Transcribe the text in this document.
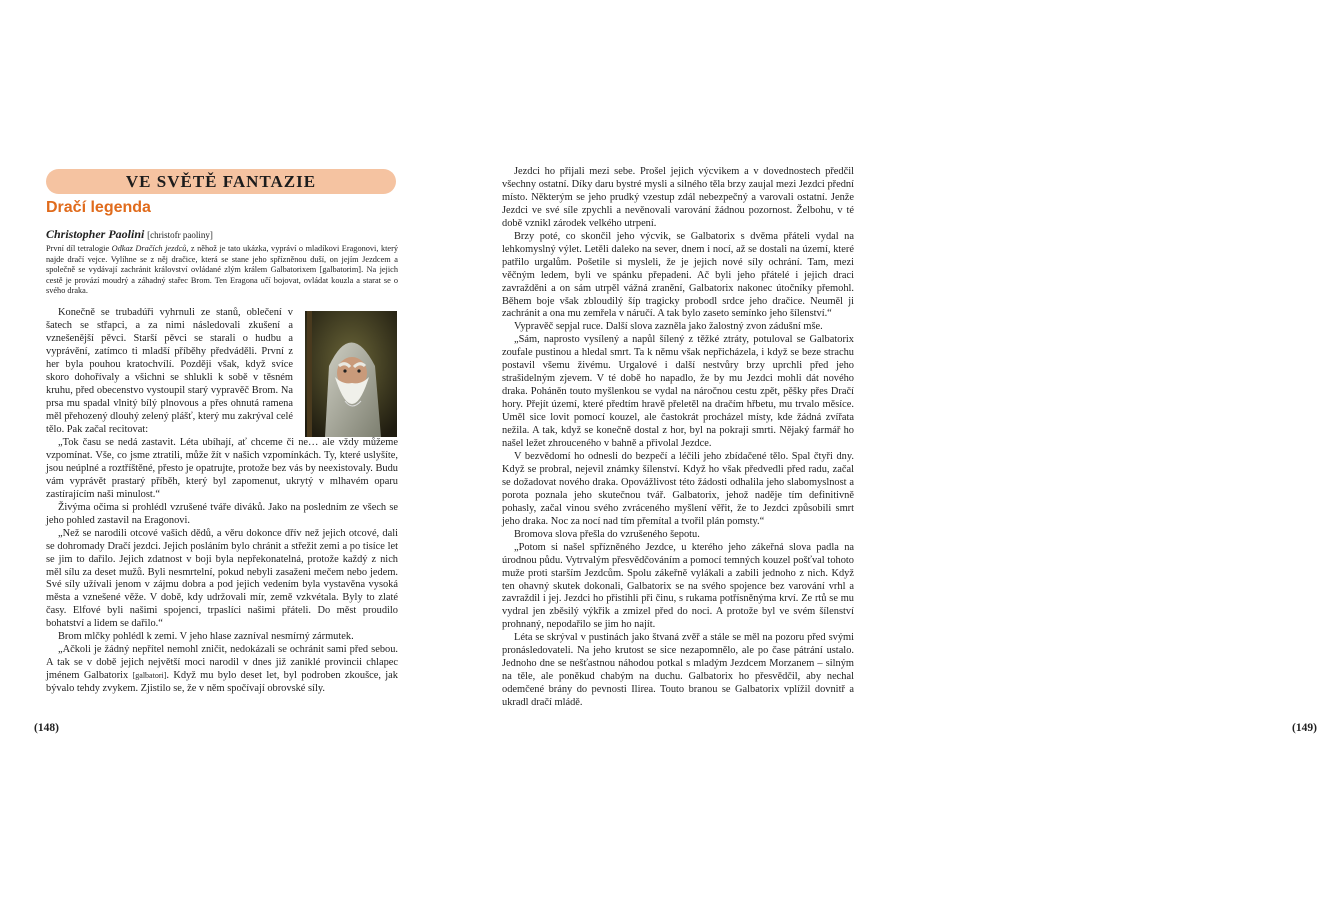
VE SVĚTĚ FANTAZIE
Dračí legenda
Christopher Paolini [christofr paoliny]
První díl tetralogie Odkaz Dračích jezdců, z něhož je tato ukázka, vypráví o mladíkovi Eragonovi, který najde dračí vejce. Vylíhne se z něj dračice, která se stane jeho spřízněnou duší, on jejím Jezdcem a společně se vydávají zachránit království ovládané zlým králem Galbatorixem [galbatorim]. Na jejich cestě je provází moudrý a záhadný stařec Brom. Ten Eragona učí bojovat, ovládat kouzla a starat se o svého draka.

Konečně se trubadúři vyhrnuli ze stanů, oblečení v šatech se střapci, a za nimi následovali zkušení a vznešenější pěvci. Starší pěvci se starali o hudbu a vyprávění, zatímco ti mladší příběhy předváděli. První z her byla pouhou kratochvílí. Později však, když svíce skoro dohořívaly a všichni se shlukli k sobě v těsném kruhu, před obecenstvo vystoupil starý vypravěč Brom. Na prsa mu spadal vlnitý bílý plnovous a přes ohnutá ramena měl přehozený dlouhý zelený plášť, který mu zakrýval celé tělo. Pak začal recitovat:

„Tok času se nedá zastavit. Léta ubíhají, ať chceme či ne… ale vždy můžeme vzpomínat. Vše, co jsme ztratili, může žít v našich vzpomínkách. Ty, které uslyšíte, jsou neúplné a roztříštěné, přesto je opatrujte, protože bez vás by neexistovaly. Budu vám vyprávět prastarý příběh, který byl zapomenut, ukrytý v mlhavém oparu zastírajícím naši minulost.“

Živýma očima si prohlédl vzrušené tváře diváků. Jako na posledním ze všech se jeho pohled zastavil na Eragonovi.

„Než se narodili otcové vašich dědů, a věru dokonce dřív než jejich otcové, dali se dohromady Dračí jezdci. Jejich posláním bylo chránit a střežit zemi a po tisíce let se jim to dařilo. Jejich zdatnost v boji byla nepřekonatelná, protože každý z nich měl sílu za deset mužů. Byli nesmrtelní, pokud nebyli zasaženi mečem nebo jedem. Své síly užívali jenom v zájmu dobra a pod jejich vedením byla vystavěna vysoká města a vznešené věže. V době, kdy udržovali mír, země vzkvétala. Byly to zlaté časy. Elfové byli našimi spojenci, trpaslíci našimi přáteli. Do měst proudilo bohatství a lidem se dařilo.“

Brom mlčky pohlédl k zemi. V jeho hlase zazníval nesmírný zármutek.

„Ačkoli je žádný nepřítel nemohl zničit, nedokázali se ochránit sami před sebou. A tak se v době jejich největší moci narodil v dnes již zaniklé provincii chlapec jménem Galbatorix [galbatori]. Když mu bylo deset let, byl podroben zkoušce, jak bývalo tehdy zvykem. Zjistilo se, že v něm spočívají obrovské síly.

(148)	(149)

Jezdci ho přijali mezi sebe. Prošel jejich výcvikem a v dovednostech předčil všechny ostatní. Díky daru bystré mysli a silného těla brzy zaujal mezi Jezdci přední místo. Některým se jeho prudký vzestup zdál nebezpečný a varovali ostatní. Jenže Jezdci ve své síle zpychli a nevěnovali varování žádnou pozornost. Želbohu, v té době vznikl zárodek velkého utrpení.

Brzy poté, co skončil jeho výcvik, se Galbatorix s dvěma přáteli vydal na lehkomyslný výlet. Letěli daleko na sever, dnem i nocí, až se dostali na území, které patřilo urgalům. Pošetile si mysleli, že je jejich nové síly ochrání. Tam, mezi věčným ledem, byli ve spánku přepadeni. Ač byli jeho přátelé i jejich draci zavražděni a on sám utrpěl vážná zranění, Galbatorix nakonec útočníky přemohl. Během boje však zbloudilý šíp tragicky probodl srdce jeho dračice. Neuměl ji zachránit a ona mu zemřela v náručí. A tak bylo zaseto semínko jeho šílenství.“

Vypravěč sepjal ruce. Další slova zazněla jako žalostný zvon zádušní mše.

„Sám, naprosto vysílený a napůl šílený z těžké ztráty, potuloval se Galbatorix zoufale pustinou a hledal smrt. Ta k němu však nepřicházela, i když se beze strachu postavil všemu živému. Urgalové i další nestvůry brzy uprchli před jeho strašidelným zjevem. V té době ho napadlo, že by mu Jezdci mohli dát nového draka. Poháněn touto myšlenkou se vydal na náročnou cestu zpět, pěšky přes Dračí hory. Přejít území, které předtím hravě přeletěl na dračím hřbetu, mu trvalo měsíce. Uměl sice lovit pomocí kouzel, ale častokrát procházel místy, kde žádná zvířata nežila. A tak, když se konečně dostal z hor, byl na pokraji smrti. Nějaký farmář ho našel ležet zhrouceného v bahně a přivolal Jezdce.

V bezvědomí ho odnesli do bezpečí a léčili jeho zbídačené tělo. Spal čtyři dny. Když se probral, nejevil známky šílenství. Když ho však předvedli před radu, začal se dožadovat nového draka. Opovážlivost této žádosti odhalila jeho slabomyslnost a porota poznala jeho skutečnou tvář. Galbatorix, jehož naděje tím definitivně pohasly, začal vinou svého zvráceného myšlení věřit, že to Jezdci způsobili smrt jeho draka. Noc za nocí nad tím přemítal a tvořil plán pomsty.“

Bromova slova přešla do vzrušeného šepotu.

„Potom si našel spřízněného Jezdce, u kterého jeho zákeřná slova padla na úrodnou půdu. Vytrvalým přesvědčováním a pomocí temných kouzel pošťval tohoto muže proti starším Jezdcům. Spolu zákeřně vylákali a zabili jednoho z nich. Když ten ohavný skutek dokonali, Galbatorix se na svého spojence bez varování vrhl a zavraždil i jej. Jezdci ho přistihli při činu, s rukama potřísněnýma krví. Ze rtů se mu vydral jen zběsilý výkřik a zmizel před do noci. A protože byl ve svém šílenství prohnaný, nepodařilo se jim ho najít.

Léta se skrýval v pustinách jako štvaná zvěř a stále se měl na pozoru před svými pronásledovateli. Na jeho krutost se sice nezapomnělo, ale po čase pátrání ustalo. Jednoho dne se nešťastnou náhodou potkal s mladým Jezdcem Morzanem – silným na těle, ale poněkud chabým na duchu. Galbatorix ho přesvědčil, aby nechal odemčené brány do pevnosti Ilirea. Touto branou se Galbatorix vplížil dovnitř a ukradl dračí mládě.
